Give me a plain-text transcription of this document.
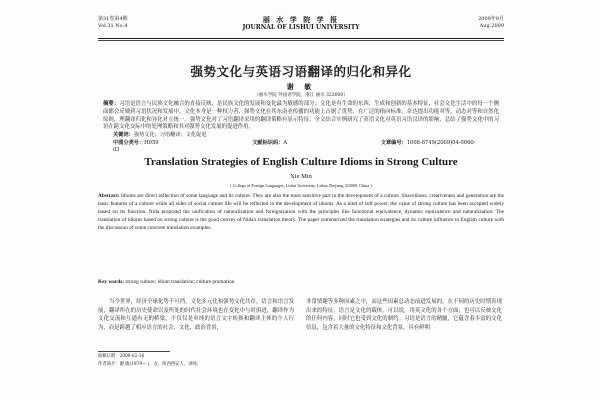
第31卷第4期
Vol.31 No.4
丽 水 学 院 学 报
JOURNAL OF LISHUI UNIVERSITY
2009年8月
Aug.2009
强势文化与英语习语翻译的归化和异化
谢 敏
（丽水学院 外国语学院，浙江 丽水 323000）
摘要：习语是语言与民族文化融合的直接反映，是民族文化的发展和变化最为敏感的部分；文化是有生命的东西，生成和创新的基本特征，社会文化生活中的每一个侧面都会反映到习语状况和发展中。文化本身是一种权力者，强势文化在其东南亚传播的功能上占据了优势，在广泛的指向标准，奈达提出功能对等，动态对等和自然化原则，理翻译归化和异化对立统一。强势文化对了习语翻译采用的翻译策略有显示特征。全文结合实例研究了英语文化对英语习语汉译的影响，总结了强势文化中的习语在跨文化交际中的处理策略和其对强势文化发展的促进作用。
关键词：强势文化；习语翻译；文化促进
中图分类号：H059	文献标识码：A	文章编号：1008-6749(2009)04-0060-03
Translation Strategies of English Culture Idioms in Strong Culture
Xie Min
( College of Foreign Languages, Lishui University, Lishui Zhejiang 323000, China )
Abstract: Idioms are direct reflection of some language and its culture. They are also the most sensitive part in the development of a culture. Shaveliness, creativeness and generation are the basic features of a culture while all sides of social culture life will be reflected in the development of idioms. As a kind of soft power, the value of strong culture has been accepted widely based on its function. Nida proposed the unification of naturalization and foreignization with the principles like functional equivalence, dynamic equivalence and naturalization. The translation of idioms based on strong culture is the good convey of Nida's translation theory. The paper summarized the translation strategies and its culture influence to English culture with the discussion of some concrete translation examples.
Key words: strong culture; idiom translation; culture promotion
当今世界，经济全球化势不可挡，文化多元化和强势文化共存，语言和语言发展，翻译所在的历史使命以及所处的时代社会环境也在变化中与时俱进，翻译作为文化交流和互通有无的桥梁，不仅仅是单纯的语言文字转换和翻译主体的个人行为，而是跨越了相应语言的社会、文化、政治背景，
非常情趣等多种因素之中，而这些因素总动态前进发展的，在不同的历史时期表现出来的特征，语言是文化的载体，可以说，用英文化的各个方面，也可以反映文化的任何内容，同时它也受到文化的制约。习语是语言的精髓，它蕴含着丰富的文化信息，包含着大量的文化特征和文化背景，具有鲜明
收稿日期：2009-02-16
作者简介：谢 敏(1979— )，女，陕西西安人，讲师。
